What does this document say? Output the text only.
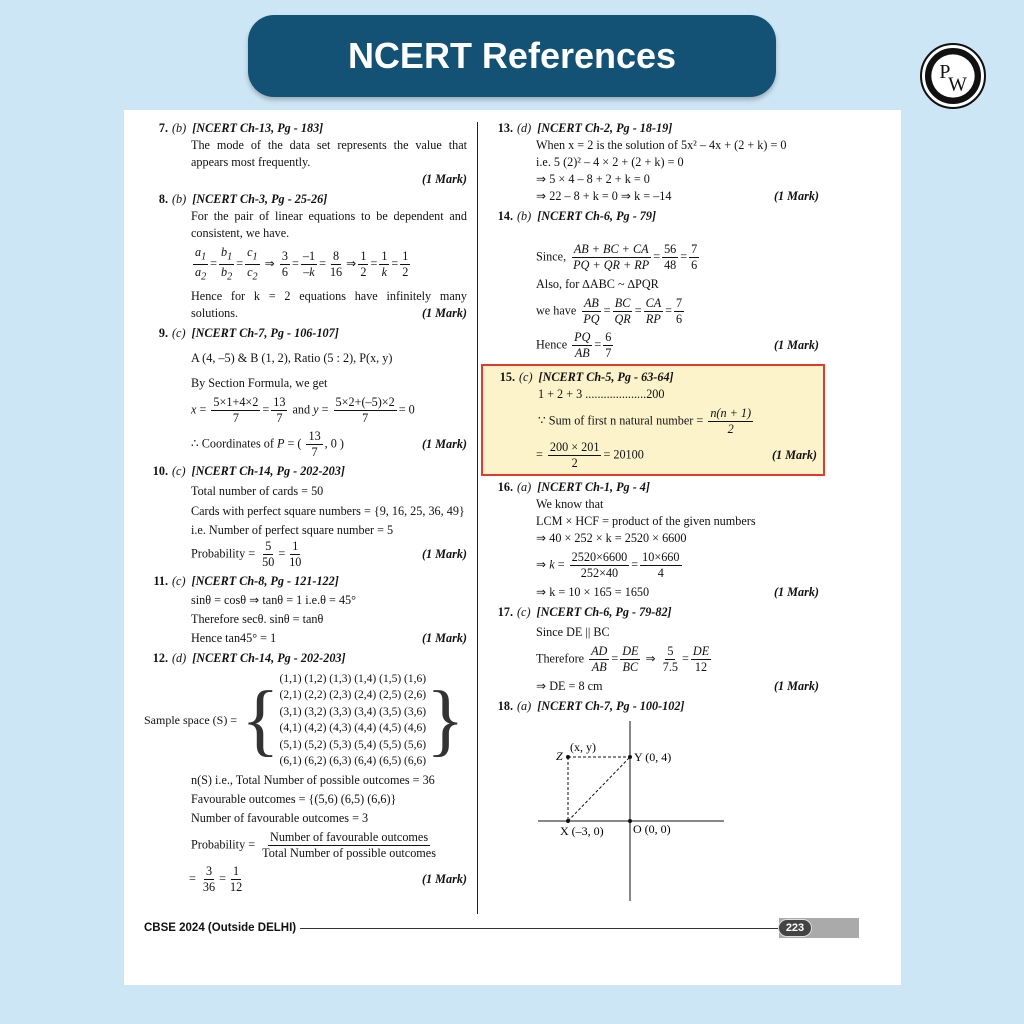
NCERT References	P
W
7. (b) [NCERT Ch-13, Pg - 183]
The mode of the data set represents the value that appears most frequently.
(1 Mark)
8. (b) [NCERT Ch-3, Pg - 25-26]
For the pair of linear equations to be dependent and consistent, we have.
$\frac{a_1}{a_2} = \frac{b_1}{b_2} = \frac{c_1}{c_2}$ ⇒ $\frac{3}{6} = \frac{-1}{-k} = \frac{8}{16}$ ⇒ $\frac{1}{2} = \frac{1}{k} = \frac{1}{2}$
Hence for k = 2 equations have infinitely many solutions.	(1 Mark)
9. (c) [NCERT Ch-7, Pg - 106-107]
A (4, –5) & B (1, 2), Ratio (5 : 2), P(x, y)
By Section Formula, we get
$x = \frac{5\times 1+4\times 2}{7} = \frac{13}{7}$ and $y = \frac{5\times 2+(-5)\times 2}{7} = 0$
∴ Coordinates of P = ( $\frac{13}{7}$ , 0 )	(1 Mark)
10. (c) [NCERT Ch-14, Pg - 202-203]
Total number of cards = 50
Cards with perfect square numbers = {9, 16, 25, 36, 49}
i.e. Number of perfect square number = 5
Probability = $\frac{5}{50} = \frac{1}{10}$	(1 Mark)
11. (c) [NCERT Ch-8, Pg - 121-122]
sinθ = cosθ ⇒ tanθ = 1 i.e.θ = 45°
Therefore secθ. sinθ = tanθ
Hence tan45° = 1	(1 Mark)
12. (d) [NCERT Ch-14, Pg - 202-203]
Sample space (S) = { (1,1) (1,2) (1,3) (1,4) (1,5) (1,6)
(2,1) (2,2) (2,3) (2,4) (2,5) (2,6)
(3,1) (3,2) (3,3) (3,4) (3,5) (3,6)
(4,1) (4,2) (4,3) (4,4) (4,5) (4,6)
(5,1) (5,2) (5,3) (5,4) (5,5) (5,6)
(6,1) (6,2) (6,3) (6,4) (6,5) (6,6) }
n(S) i.e., Total Number of possible outcomes = 36
Favourable outcomes = {(5,6) (6,5) (6,6)}
Number of favourable outcomes = 3
Probability = $\frac{\text{Number of favourable outcomes}}{\text{Total Number of possible outcomes}}$
= $\frac{3}{36} = \frac{1}{12}$	(1 Mark)
13. (d) [NCERT Ch-2, Pg - 18-19]
When x = 2 is the solution of 5x² – 4x + (2 + k) = 0
i.e. 5 (2)² – 4 × 2 + (2 + k) = 0
⇒ 5 × 4 – 8 + 2 + k = 0
⇒ 22 – 8 + k = 0 ⇒ k = –14	(1 Mark)
14. (b) [NCERT Ch-6, Pg - 79]
Since, $\frac{AB + BC + CA}{PQ + QR + RP} = \frac{56}{48} = \frac{7}{6}$
Also, for ∆ABC ~ ∆PQR
we have $\frac{AB}{PQ} = \frac{BC}{QR} = \frac{CA}{RP} = \frac{7}{6}$
Hence $\frac{PQ}{AB} = \frac{6}{7}$	(1 Mark)
15. (c) [NCERT Ch-5, Pg - 63-64]
1 + 2 + 3 ....................200
∵ Sum of first n natural number = $\frac{n(n + 1)}{2}$
= $\frac{200 \times 201}{2} = 20100$	(1 Mark)
16. (a) [NCERT Ch-1, Pg - 4]
We know that
LCM × HCF = product of the given numbers
⇒ 40 × 252 × k = 2520 × 6600
⇒ $k = \frac{2520\times 6600}{252\times 40} = \frac{10\times 660}{4}$
⇒ k = 10 × 165 = 1650	(1 Mark)
17. (c) [NCERT Ch-6, Pg - 79-82]
Since DE || BC
Therefore $\frac{AD}{AB} = \frac{DE}{BC}$ ⇒ $\frac{5}{7.5} = \frac{DE}{12}$
⇒ DE = 8 cm	(1 Mark)
18. (a) [NCERT Ch-7, Pg - 100-102]
Z
(x, y)
Y (0, 4)
X (–3, 0) O (0, 0)
CBSE 2024 (Outside DELHI)	223
